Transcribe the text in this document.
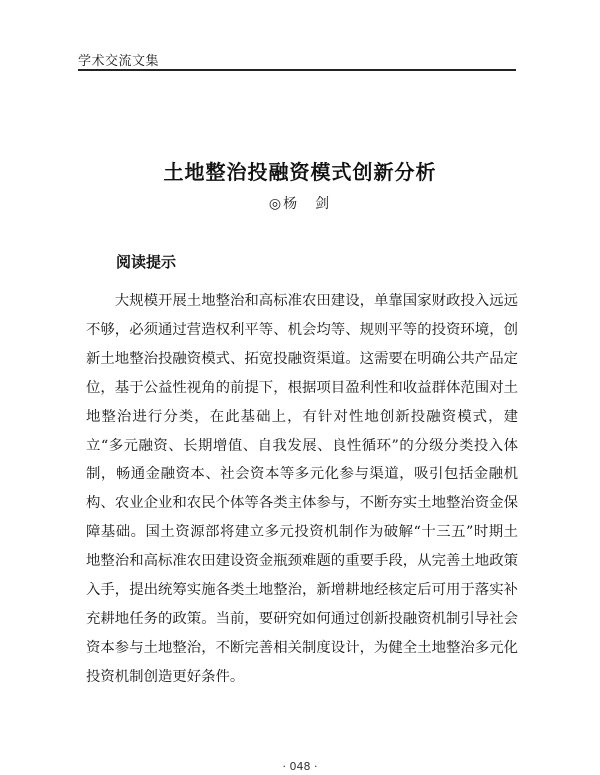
学术交流文集
土地整治投融资模式创新分析
◎杨　剑
阅读提示

大规模开展土地整治和高标准农田建设，单靠国家财政投入远远不够，必须通过营造权利平等、机会均等、规则平等的投资环境，创新土地整治投融资模式、拓宽投融资渠道。这需要在明确公共产品定位，基于公益性视角的前提下，根据项目盈利性和收益群体范围对土地整治进行分类，在此基础上，有针对性地创新投融资模式，建立“多元融资、长期增值、自我发展、良性循环”的分级分类投入体制，畅通金融资本、社会资本等多元化参与渠道，吸引包括金融机构、农业企业和农民个体等各类主体参与，不断夯实土地整治资金保障基础。国土资源部将建立多元投资机制作为破解“十三五”时期土地整治和高标准农田建设资金瓶颈难题的重要手段，从完善土地政策入手，提出统筹实施各类土地整治，新增耕地经核定后可用于落实补充耕地任务的政策。当前，要研究如何通过创新投融资机制引导社会资本参与土地整治，不断完善相关制度设计，为健全土地整治多元化投资机制创造更好条件。

· 048 ·
